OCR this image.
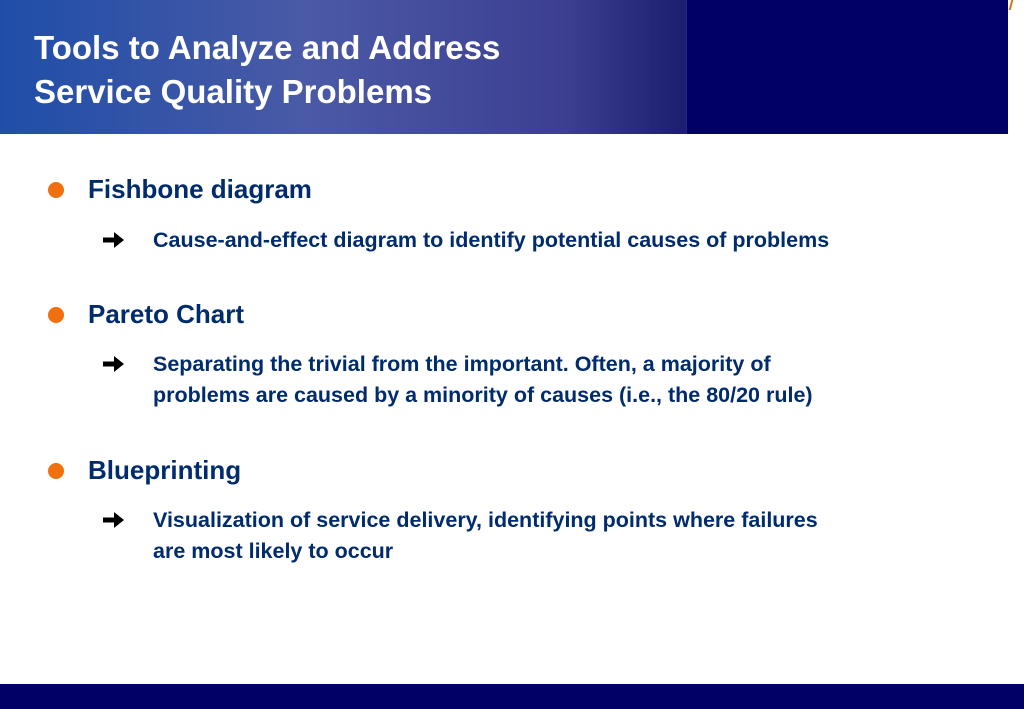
Tools to Analyze and Address
Service Quality Problems
Fishbone diagram
Cause-and-effect diagram to identify potential causes of problems
Pareto Chart
Separating the trivial from the important. Often, a majority of
problems are caused by a minority of causes (i.e., the 80/20 rule)
Blueprinting
Visualization of service delivery, identifying points where failures
are most likely to occur
